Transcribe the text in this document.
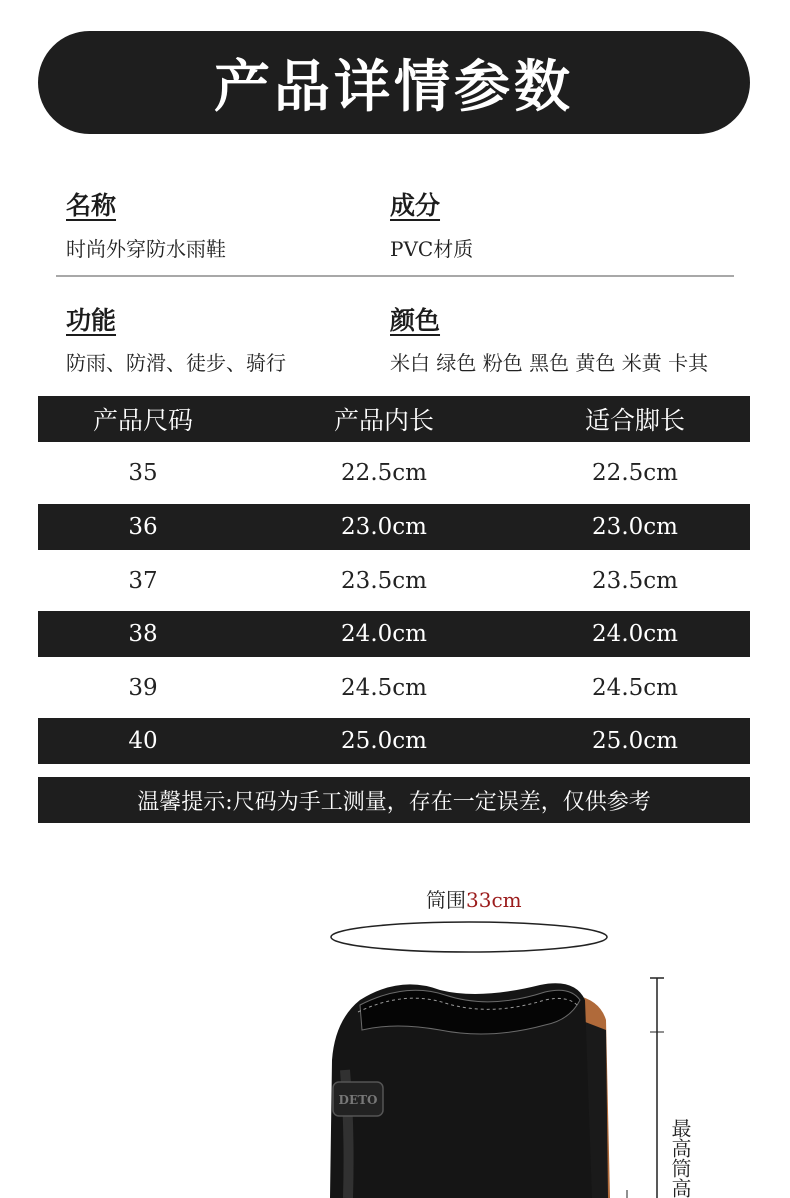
产品详情参数
名称
时尚外穿防水雨鞋
成分
PVC材质
功能
防雨、防滑、徒步、骑行
颜色
米白 绿色 粉色 黑色 黄色 米黄 卡其
产品尺码	产品内长	适合脚长
35	22.5cm	22.5cm
36	23.0cm	23.0cm
37	23.5cm	23.5cm
38	24.0cm	24.0cm
39	24.5cm	24.5cm
40	25.0cm	25.0cm
温馨提示:尺码为手工测量，存在一定误差，仅供参考
筒围33cm
DETO
最高筒高
